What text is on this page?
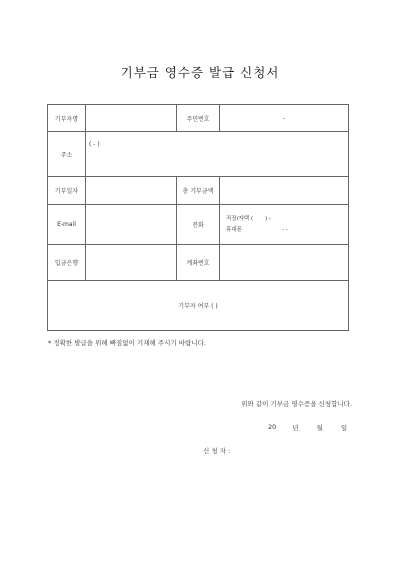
기부금 영수증 발급 신청서
기부자명		주민번호	-
주소	( - )		
기부일자		총 기부금액	
E-mail		전화	직장/자택 ( ) -
휴대폰 - -

입금은행		계좌번호	
기부자 여부 ( )			
* 정확한 발급을 위해 빠짐없이 기재해 주시기 바랍니다.
위와 같이 기부금 영수증을 신청합니다.
20 년	월	일
신 청 자 :
